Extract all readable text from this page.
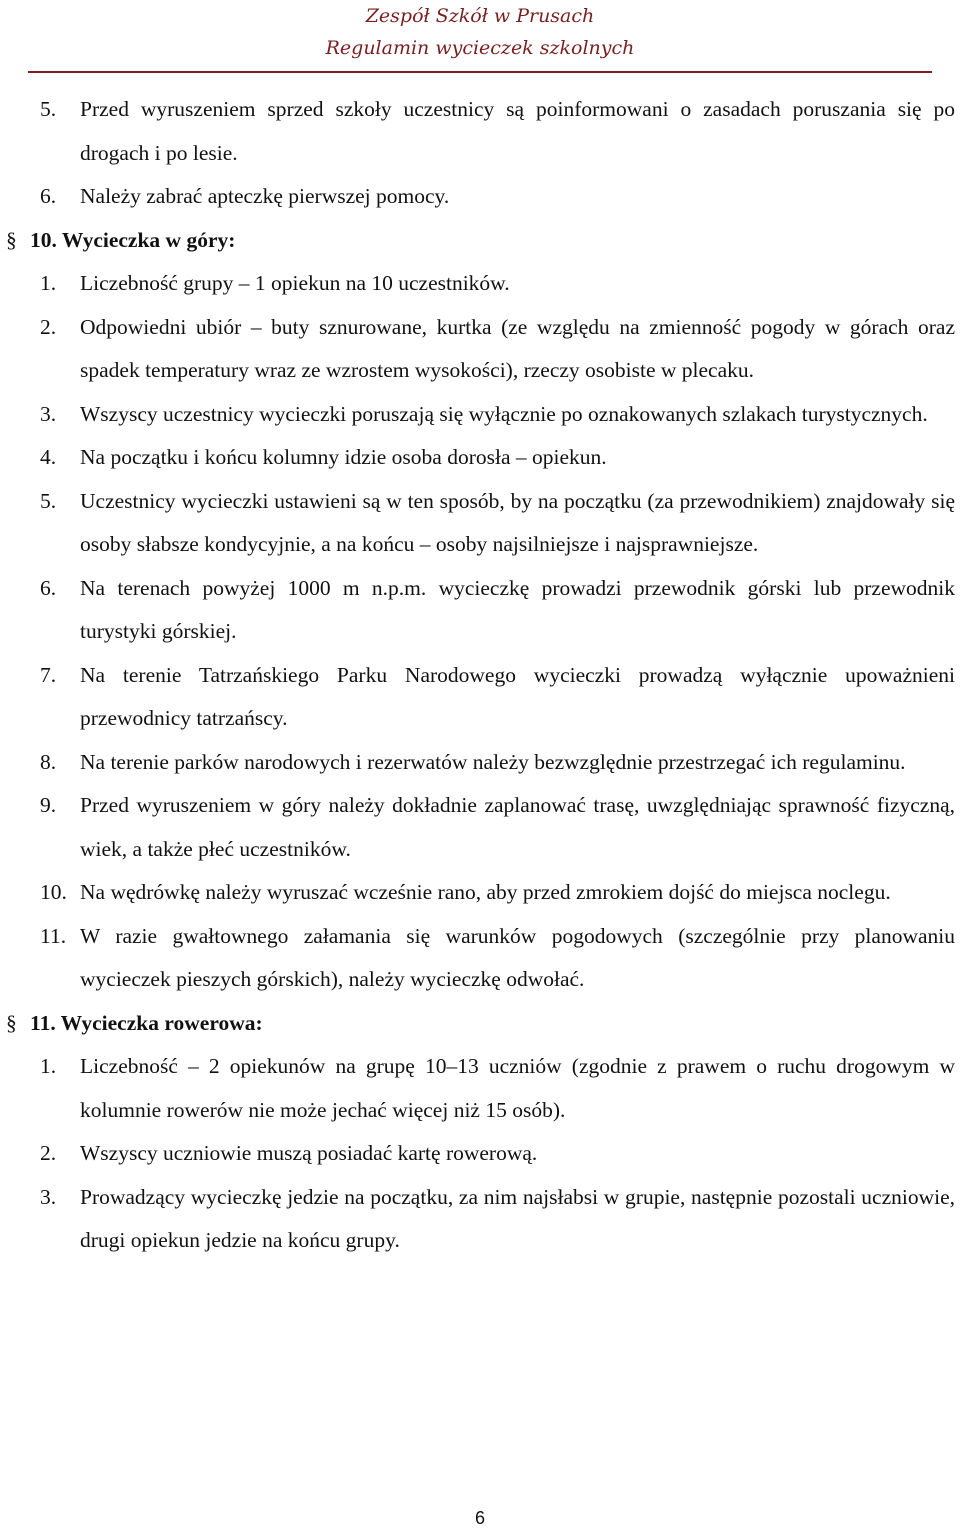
Zespół Szkół w Prusach
Regulamin wycieczek szkolnych
5.	Przed wyruszeniem sprzed szkoły uczestnicy są poinformowani o zasadach poruszania się po drogach i po lesie.
6.	Należy zabrać apteczkę pierwszej pomocy.
§ 10. Wycieczka w góry:
1.	Liczebność grupy – 1 opiekun na 10 uczestników.
2.	Odpowiedni ubiór – buty sznurowane, kurtka (ze względu na zmienność pogody w górach oraz spadek temperatury wraz ze wzrostem wysokości), rzeczy osobiste w plecaku.
3.	Wszyscy uczestnicy wycieczki poruszają się wyłącznie po oznakowanych szlakach turystycznych.
4.	Na początku i końcu kolumny idzie osoba dorosła – opiekun.
5.	Uczestnicy wycieczki ustawieni są w ten sposób, by na początku (za przewodnikiem) znajdowały się osoby słabsze kondycyjnie, a na końcu – osoby najsilniejsze i najsprawniejsze.
6.	Na terenach powyżej 1000 m n.p.m. wycieczkę prowadzi przewodnik górski lub przewodnik turystyki górskiej.
7.	Na terenie Tatrzańskiego Parku Narodowego wycieczki prowadzą wyłącznie upoważnieni przewodnicy tatrzańscy.
8.	Na terenie parków narodowych i rezerwatów należy bezwzględnie przestrzegać ich regulaminu.
9.	Przed wyruszeniem w góry należy dokładnie zaplanować trasę, uwzględniając sprawność fizyczną, wiek, a także płeć uczestników.
10. Na wędrówkę należy wyruszać wcześnie rano, aby przed zmrokiem dojść do miejsca noclegu.
11. W razie gwałtownego załamania się warunków pogodowych (szczególnie przy planowaniu wycieczek pieszych górskich), należy wycieczkę odwołać.
§ 11. Wycieczka rowerowa:
1.	Liczebność – 2 opiekunów na grupę 10–13 uczniów (zgodnie z prawem o ruchu drogowym w kolumnie rowerów nie może jechać więcej niż 15 osób).
2.	Wszyscy uczniowie muszą posiadać kartę rowerową.
3.	Prowadzący wycieczkę jedzie na początku, za nim najsłabsi w grupie, następnie pozostali uczniowie, drugi opiekun jedzie na końcu grupy.
6
